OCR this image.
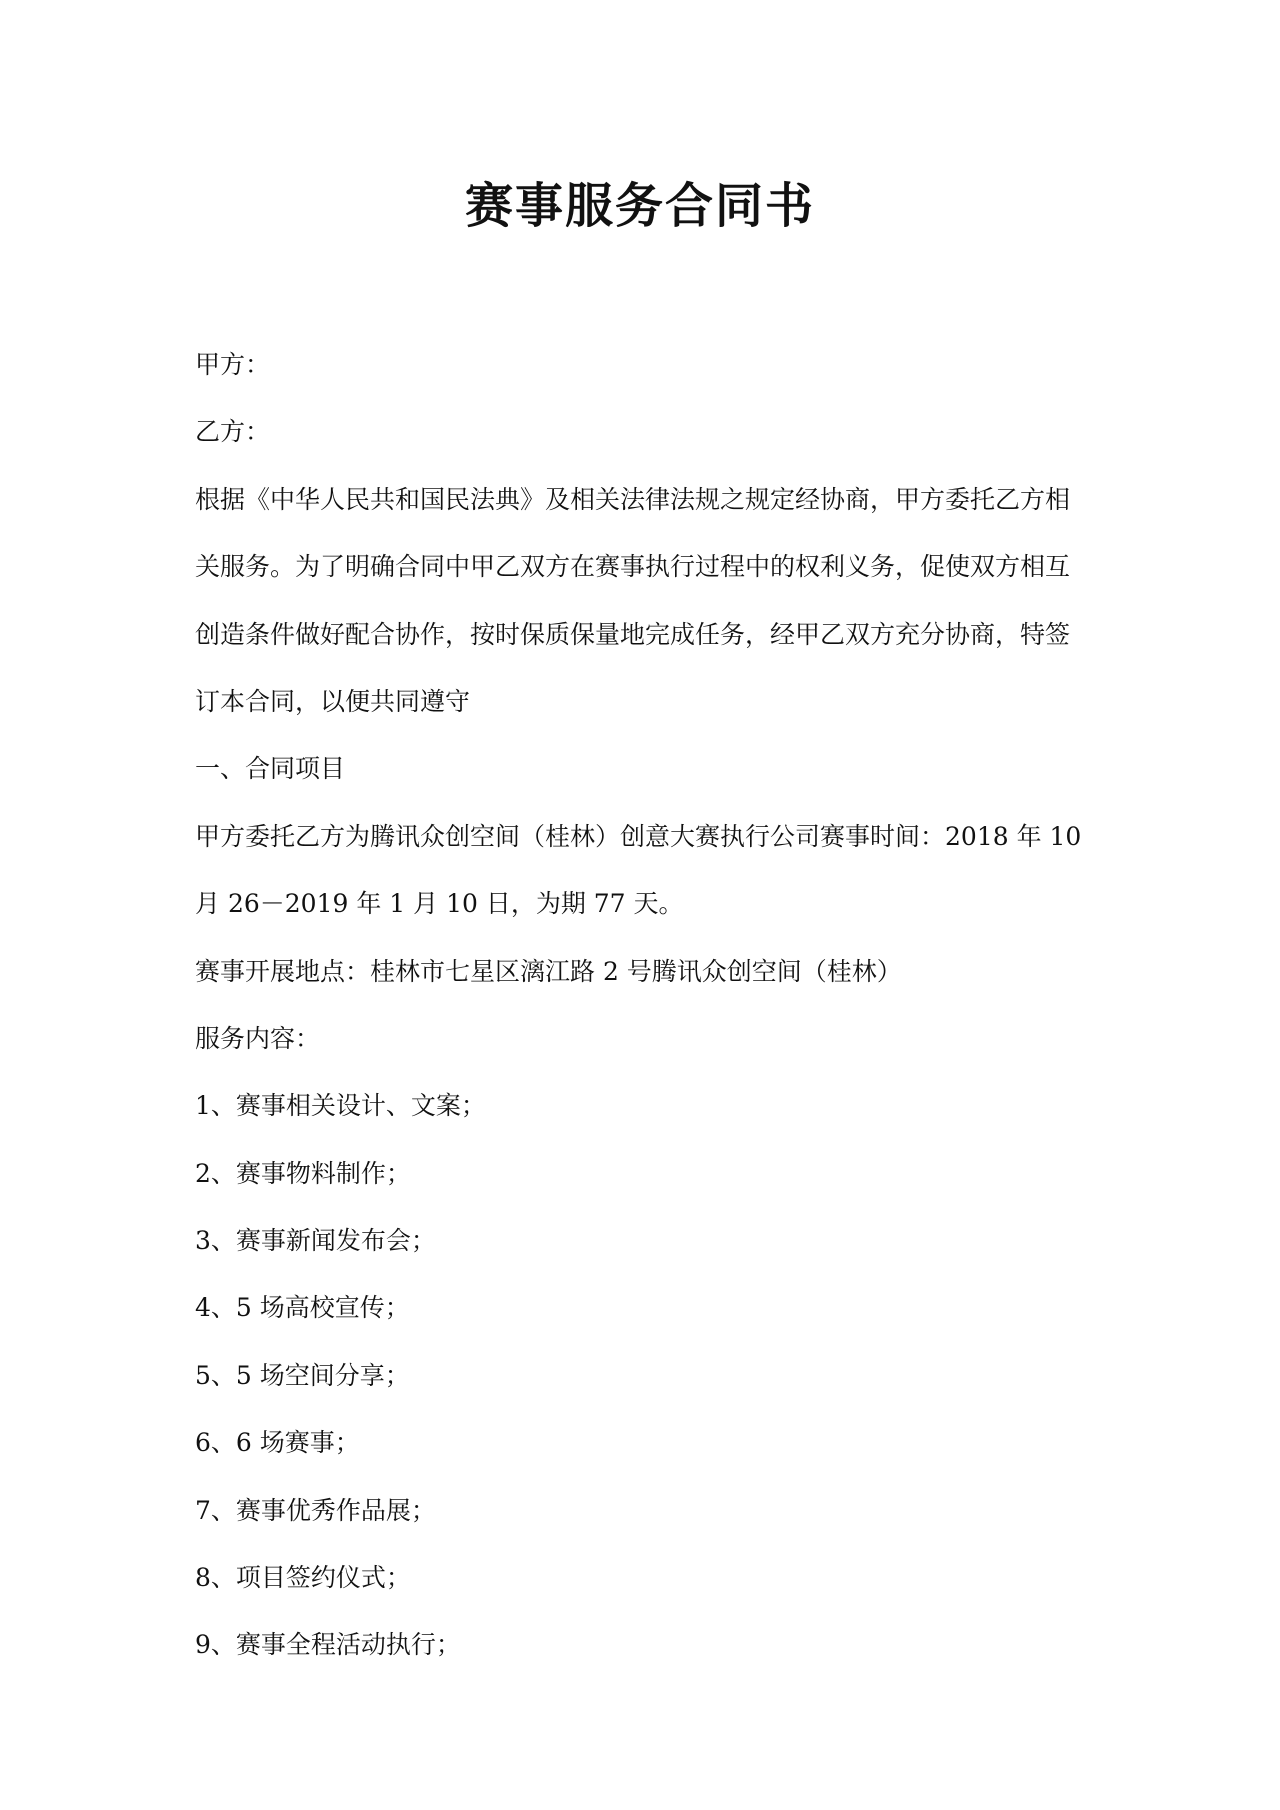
赛事服务合同书
甲方：
乙方：
根据《中华人民共和国民法典》及相关法律法规之规定经协商，甲方委托乙方相
关服务。为了明确合同中甲乙双方在赛事执行过程中的权利义务，促使双方相互
创造条件做好配合协作，按时保质保量地完成任务，经甲乙双方充分协商，特签
订本合同，以便共同遵守
一、合同项目
甲方委托乙方为腾讯众创空间（桂林）创意大赛执行公司赛事时间：2018 年 10
月 26－2019 年 1 月 10 日，为期 77 天。
赛事开展地点：桂林市七星区漓江路 2 号腾讯众创空间（桂林）
服务内容：
1、赛事相关设计、文案；
2、赛事物料制作；
3、赛事新闻发布会；
4、5 场高校宣传；
5、5 场空间分享；
6、6 场赛事；
7、赛事优秀作品展；
8、项目签约仪式；
9、赛事全程活动执行；
